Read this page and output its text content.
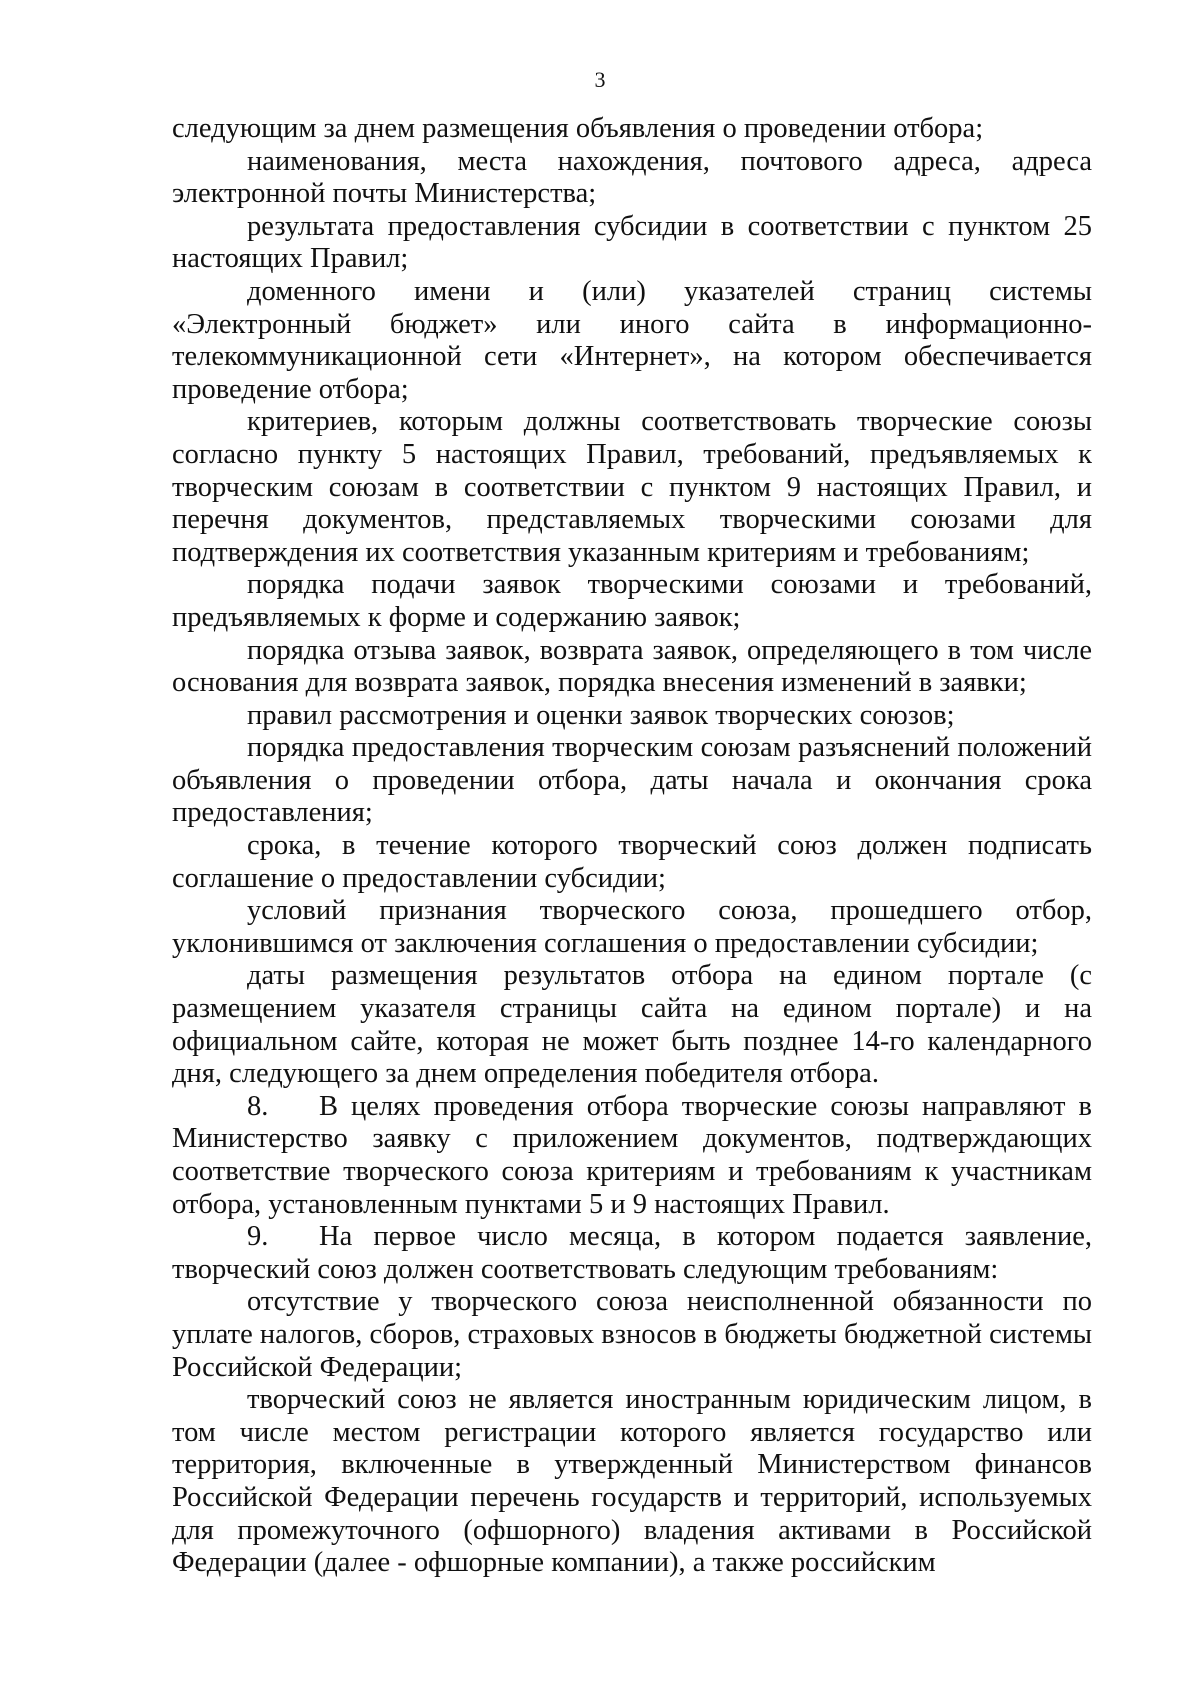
3

следующим за днем размещения объявления о проведении отбора;

наименования, места нахождения, почтового адреса, адреса электронной почты Министерства;

результата предоставления субсидии в соответствии с пунктом 25 настоящих Правил;

доменного имени и (или) указателей страниц системы «Электронный бюджет» или иного сайта в информационно-телекоммуникационной сети «Интернет», на котором обеспечивается проведение отбора;

критериев, которым должны соответствовать творческие союзы согласно пункту 5 настоящих Правил, требований, предъявляемых к творческим союзам в соответствии с пунктом 9 настоящих Правил, и перечня документов, представляемых творческими союзами для подтверждения их соответствия указанным критериям и требованиям;

порядка подачи заявок творческими союзами и требований, предъявляемых к форме и содержанию заявок;

порядка отзыва заявок, возврата заявок, определяющего в том числе основания для возврата заявок, порядка внесения изменений в заявки;

правил рассмотрения и оценки заявок творческих союзов;

порядка предоставления творческим союзам разъяснений положений объявления о проведении отбора, даты начала и окончания срока предоставления;

срока, в течение которого творческий союз должен подписать соглашение о предоставлении субсидии;

условий признания творческого союза, прошедшего отбор, уклонившимся от заключения соглашения о предоставлении субсидии;

даты размещения результатов отбора на едином портале (с размещением указателя страницы сайта на едином портале) и на официальном сайте, которая не может быть позднее 14-го календарного дня, следующего за днем определения победителя отбора.

8. В целях проведения отбора творческие союзы направляют в Министерство заявку с приложением документов, подтверждающих соответствие творческого союза критериям и требованиям к участникам отбора, установленным пунктами 5 и 9 настоящих Правил.

9. На первое число месяца, в котором подается заявление, творческий союз должен соответствовать следующим требованиям:

отсутствие у творческого союза неисполненной обязанности по уплате налогов, сборов, страховых взносов в бюджеты бюджетной системы Российской Федерации;

творческий союз не является иностранным юридическим лицом, в том числе местом регистрации которого является государство или территория, включенные в утвержденный Министерством финансов Российской Федерации перечень государств и территорий, используемых для промежуточного (офшорного) владения активами в Российской Федерации (далее - офшорные компании), а также российским
